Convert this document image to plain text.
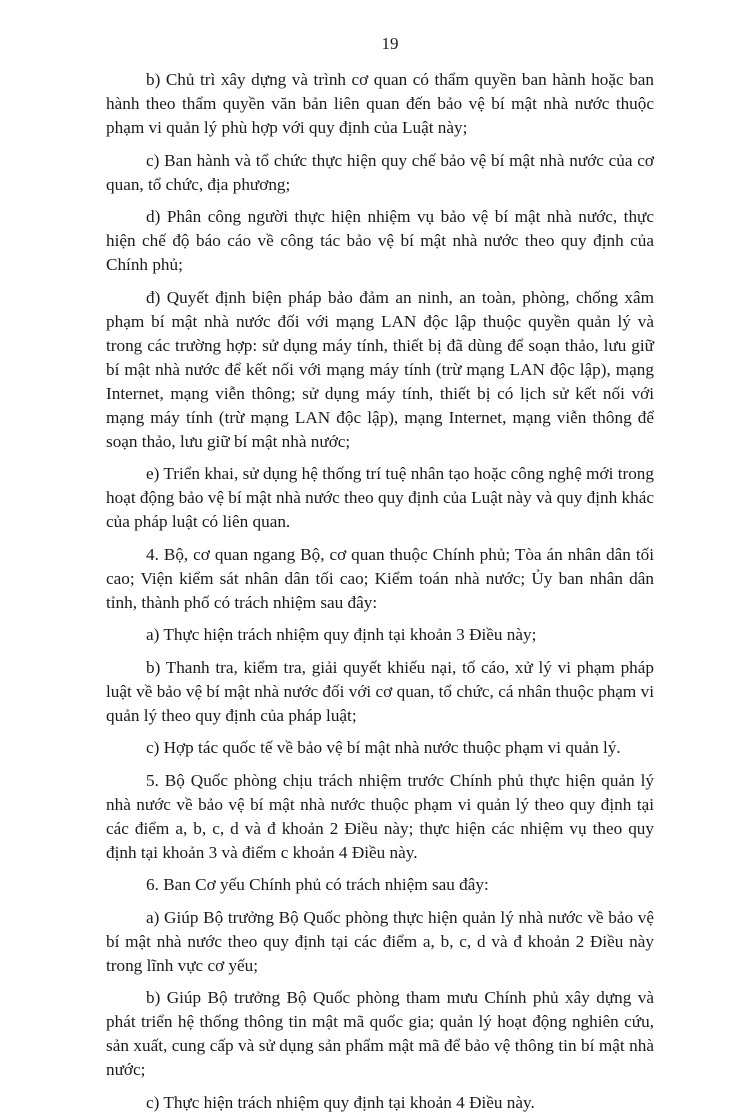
19

b) Chủ trì xây dựng và trình cơ quan có thẩm quyền ban hành hoặc ban hành theo thẩm quyền văn bản liên quan đến bảo vệ bí mật nhà nước thuộc phạm vi quản lý phù hợp với quy định của Luật này;

c) Ban hành và tổ chức thực hiện quy chế bảo vệ bí mật nhà nước của cơ quan, tổ chức, địa phương;

d) Phân công người thực hiện nhiệm vụ bảo vệ bí mật nhà nước, thực hiện chế độ báo cáo về công tác bảo vệ bí mật nhà nước theo quy định của Chính phủ;

đ) Quyết định biện pháp bảo đảm an ninh, an toàn, phòng, chống xâm phạm bí mật nhà nước đối với mạng LAN độc lập thuộc quyền quản lý và trong các trường hợp: sử dụng máy tính, thiết bị đã dùng để soạn thảo, lưu giữ bí mật nhà nước để kết nối với mạng máy tính (trừ mạng LAN độc lập), mạng Internet, mạng viễn thông; sử dụng máy tính, thiết bị có lịch sử kết nối với mạng máy tính (trừ mạng LAN độc lập), mạng Internet, mạng viễn thông để soạn thảo, lưu giữ bí mật nhà nước;

e) Triển khai, sử dụng hệ thống trí tuệ nhân tạo hoặc công nghệ mới trong hoạt động bảo vệ bí mật nhà nước theo quy định của Luật này và quy định khác của pháp luật có liên quan.

4. Bộ, cơ quan ngang Bộ, cơ quan thuộc Chính phủ; Tòa án nhân dân tối cao; Viện kiểm sát nhân dân tối cao; Kiểm toán nhà nước; Ủy ban nhân dân tỉnh, thành phố có trách nhiệm sau đây:

a) Thực hiện trách nhiệm quy định tại khoản 3 Điều này;

b) Thanh tra, kiểm tra, giải quyết khiếu nại, tố cáo, xử lý vi phạm pháp luật về bảo vệ bí mật nhà nước đối với cơ quan, tổ chức, cá nhân thuộc phạm vi quản lý theo quy định của pháp luật;

c) Hợp tác quốc tế về bảo vệ bí mật nhà nước thuộc phạm vi quản lý.

5. Bộ Quốc phòng chịu trách nhiệm trước Chính phủ thực hiện quản lý nhà nước về bảo vệ bí mật nhà nước thuộc phạm vi quản lý theo quy định tại các điểm a, b, c, d và đ khoản 2 Điều này; thực hiện các nhiệm vụ theo quy định tại khoản 3 và điểm c khoản 4 Điều này.

6. Ban Cơ yếu Chính phủ có trách nhiệm sau đây:

a) Giúp Bộ trưởng Bộ Quốc phòng thực hiện quản lý nhà nước về bảo vệ bí mật nhà nước theo quy định tại các điểm a, b, c, d và đ khoản 2 Điều này trong lĩnh vực cơ yếu;

b) Giúp Bộ trưởng Bộ Quốc phòng tham mưu Chính phủ xây dựng và phát triển hệ thống thông tin mật mã quốc gia; quản lý hoạt động nghiên cứu, sản xuất, cung cấp và sử dụng sản phẩm mật mã để bảo vệ thông tin bí mật nhà nước;

c) Thực hiện trách nhiệm quy định tại khoản 4 Điều này.
